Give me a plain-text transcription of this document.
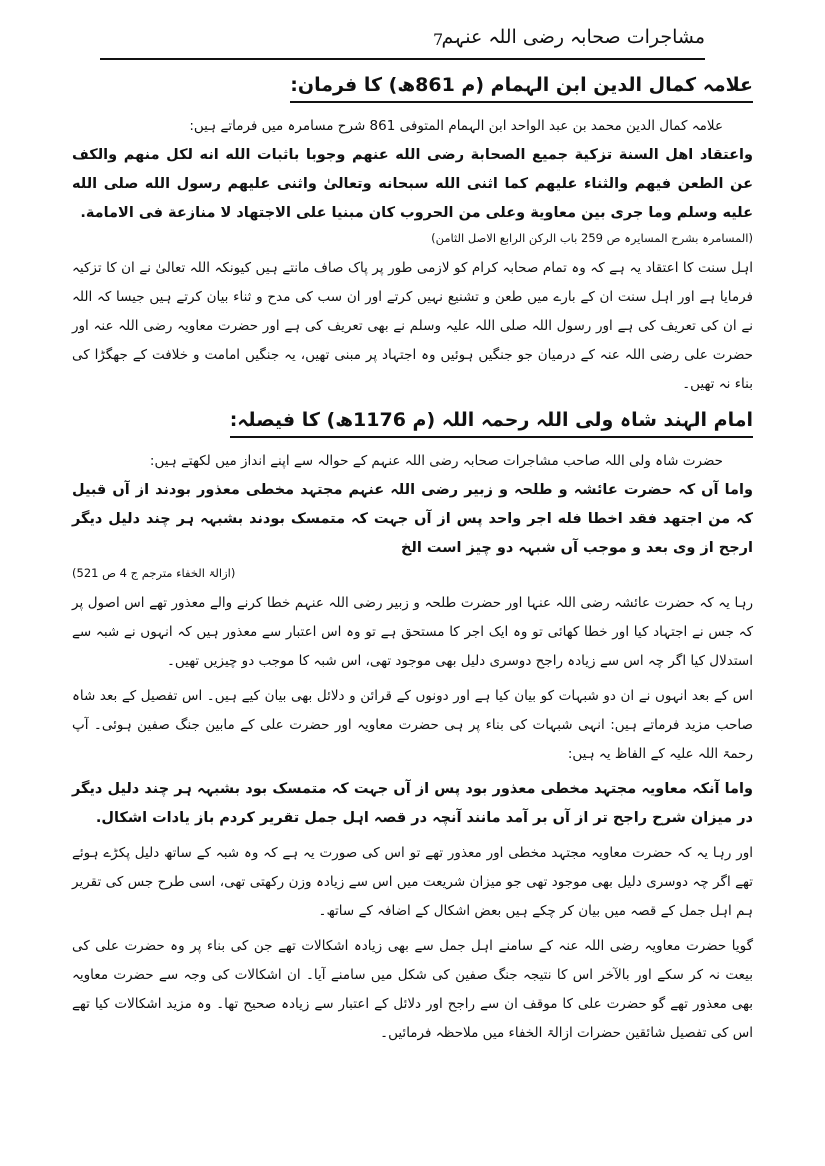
مشاجرات صحابہ رضی اللہ عنہم
7
علامہ کمال الدین ابن الہمام (م 861ھ) کا فرمان:

علامہ کمال الدین محمد بن عبد الواحد ابن الہمام المتوفی 861 شرح مسامرہ میں فرماتے ہیں:

واعتقاد اهل السنة تزكية جميع الصحابة رضی الله عنهم وجوبا باثبات الله انه لكل منهم والكف عن الطعن فيهم والثناء عليهم كما اثنى الله سبحانه وتعالىٰ واثنى عليهم رسول الله صلى الله عليه وسلم وما جرى بين معاوية وعلی من الحروب كان مبنيا على الاجتهاد لا منازعة فى الامامة.

(المسامرہ بشرح المسایرہ ص 259 باب الرکن الرابع الاصل الثامن)

اہل سنت کا اعتقاد یہ ہے کہ وہ تمام صحابہ کرام کو لازمی طور پر پاک صاف مانتے ہیں کیونکہ اللہ تعالیٰ نے ان کا تزکیہ فرمایا ہے اور اہل سنت ان کے بارے میں طعن و تشنیع نہیں کرتے اور ان سب کی مدح و ثناء بیان کرتے ہیں جیسا کہ اللہ نے ان کی تعریف کی ہے اور رسول اللہ صلی اللہ علیہ وسلم نے بھی تعریف کی ہے اور حضرت معاویہ رضی اللہ عنہ اور حضرت علی رضی اللہ عنہ کے درمیان جو جنگیں ہوئیں وہ اجتہاد پر مبنی تھیں، یہ جنگیں امامت و خلافت کے جھگڑا کی بناء نہ تھیں۔

امام الہند شاہ ولی اللہ رحمہ اللہ (م 1176ھ) کا فیصلہ:

حضرت شاہ ولی اللہ صاحب مشاجرات صحابہ رضی اللہ عنہم کے حوالہ سے اپنے انداز میں لکھتے ہیں:

واما آں کہ حضرت عائشہ و طلحہ و زبیر رضی اللہ عنہم مجتہد مخطی معذور بودند از آں قبیل کہ من اجتهد فقد اخطا فله اجر واحد پس از آں جہت کہ متمسک بودند بشبہہ ہر چند دلیل دیگر ارجح از وی بعد و موجب آں شبہہ دو چیز است الخ

(ازالۃ الخفاء مترجم ج 4 ص 521)

رہا یہ کہ حضرت عائشہ رضی اللہ عنہا اور حضرت طلحہ و زبیر رضی اللہ عنہم خطا کرنے والے معذور تھے اس اصول پر کہ جس نے اجتہاد کیا اور خطا کھائی تو وہ ایک اجر کا مستحق ہے تو وہ اس اعتبار سے معذور ہیں کہ انہوں نے شبہ سے استدلال کیا اگر چہ اس سے زیادہ راجح دوسری دلیل بھی موجود تھی، اس شبہ کا موجب دو چیزیں تھیں۔

اس کے بعد انہوں نے ان دو شبہات کو بیان کیا ہے اور دونوں کے قرائن و دلائل بھی بیان کیے ہیں۔ اس تفصیل کے بعد شاہ صاحب مزید فرماتے ہیں: انہی شبہات کی بناء پر ہی حضرت معاویہ اور حضرت علی کے مابین جنگ صفین ہوئی۔ آپ رحمۃ اللہ علیہ کے الفاظ یہ ہیں:

واما آنکہ معاویہ مجتہد مخطی معذور بود پس از آں جہت کہ متمسک بود بشبہہ ہر چند دلیل دیگر در میزان شرح راجح تر از آں بر آمد مانند آنچہ در قصہ اہل جمل تقریر کردم باز یادات اشکال.

اور رہا یہ کہ حضرت معاویہ مجتہد مخطی اور معذور تھے تو اس کی صورت یہ ہے کہ وہ شبہ کے ساتھ دلیل پکڑے ہوئے تھے اگر چہ دوسری دلیل بھی موجود تھی جو میزان شریعت میں اس سے زیادہ وزن رکھتی تھی، اسی طرح جس کی تقریر ہم اہل جمل کے قصہ میں بیان کر چکے ہیں بعض اشکال کے اضافہ کے ساتھ۔

گویا حضرت معاویہ رضی اللہ عنہ کے سامنے اہل جمل سے بھی زیادہ اشکالات تھے جن کی بناء پر وہ حضرت علی کی بیعت نہ کر سکے اور بالآخر اس کا نتیجہ جنگ صفین کی شکل میں سامنے آیا۔ ان اشکالات کی وجہ سے حضرت معاویہ بھی معذور تھے گو حضرت علی کا موقف ان سے راجح اور دلائل کے اعتبار سے زیادہ صحیح تھا۔ وہ مزید اشکالات کیا تھے اس کی تفصیل شائقین حضرات ازالۃ الخفاء میں ملاحظہ فرمائیں۔
